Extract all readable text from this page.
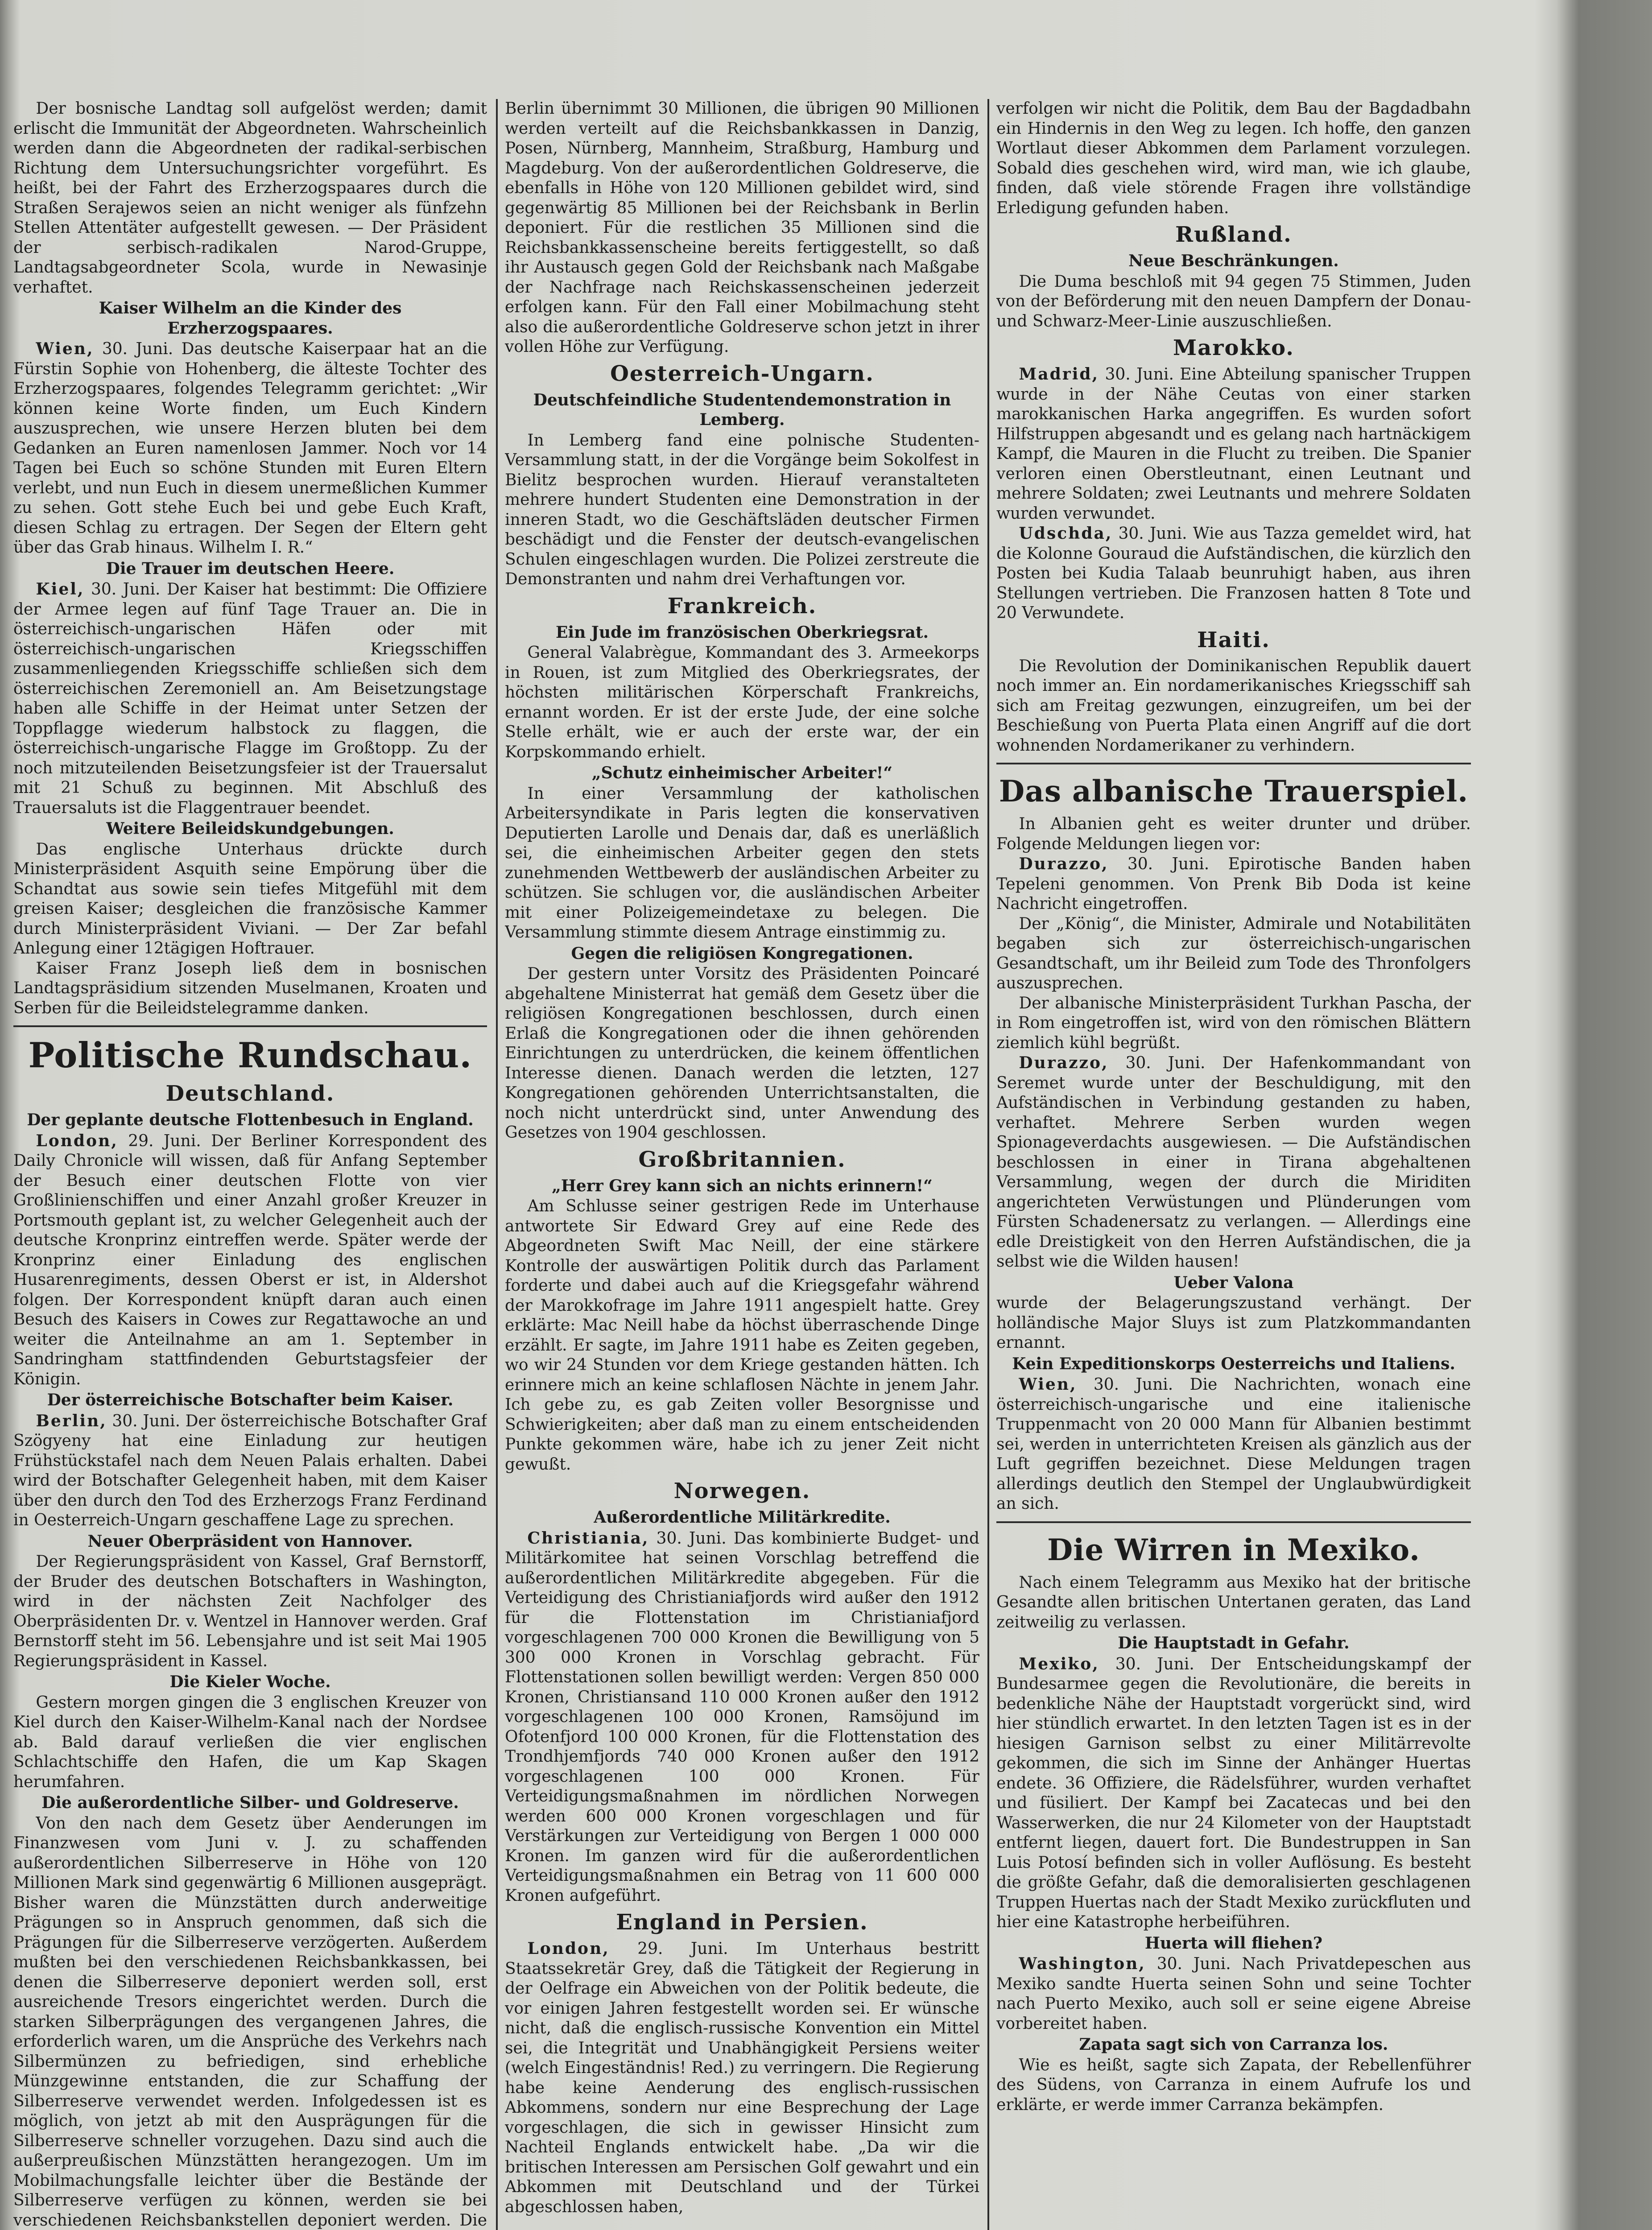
Der bosnische Landtag soll aufgelöst werden; damit erlischt die Immunität der Abgeordneten. Wahrscheinlich werden dann die Abgeordneten der radikal-serbischen Richtung dem Untersuchungsrichter vorgeführt. Es heißt, bei der Fahrt des Erzherzogspaares durch die Straßen Serajewos seien an nicht weniger als fünfzehn Stellen Attentäter aufgestellt gewesen. — Der Präsident der serbisch-radikalen Narod-Gruppe, Landtagsabgeordneter Scola, wurde in Newasinje verhaftet.

Kaiser Wilhelm an die Kinder des Erzherzogspaares.

Wien, 30. Juni. Das deutsche Kaiserpaar hat an die Fürstin Sophie von Hohenberg, die älteste Tochter des Erzherzogspaares, folgendes Telegramm gerichtet: „Wir können keine Worte finden, um Euch Kindern auszusprechen, wie unsere Herzen bluten bei dem Gedanken an Euren namenlosen Jammer. Noch vor 14 Tagen bei Euch so schöne Stunden mit Euren Eltern verlebt, und nun Euch in diesem unermeßlichen Kummer zu sehen. Gott stehe Euch bei und gebe Euch Kraft, diesen Schlag zu ertragen. Der Segen der Eltern geht über das Grab hinaus. Wilhelm I. R.“

Die Trauer im deutschen Heere.

Kiel, 30. Juni. Der Kaiser hat bestimmt: Die Offiziere der Armee legen auf fünf Tage Trauer an. Die in österreichisch-ungarischen Häfen oder mit österreichisch-ungarischen Kriegsschiffen zusammenliegenden Kriegsschiffe schließen sich dem österreichischen Zeremoniell an. Am Beisetzungstage haben alle Schiffe in der Heimat unter Setzen der Toppflagge wiederum halbstock zu flaggen, die österreichisch-ungarische Flagge im Großtopp. Zu der noch mitzuteilenden Beisetzungsfeier ist der Trauersalut mit 21 Schuß zu beginnen. Mit Abschluß des Trauersaluts ist die Flaggentrauer beendet.

Weitere Beileidskundgebungen.

Das englische Unterhaus drückte durch Ministerpräsident Asquith seine Empörung über die Schandtat aus sowie sein tiefes Mitgefühl mit dem greisen Kaiser; desgleichen die französische Kammer durch Ministerpräsident Viviani. — Der Zar befahl Anlegung einer 12tägigen Hoftrauer.

Kaiser Franz Joseph ließ dem in bosnischen Landtagspräsidium sitzenden Muselmanen, Kroaten und Serben für die Beileidstelegramme danken.

Politische Rundschau.
Deutschland.
Der geplante deutsche Flottenbesuch in England.

London, 29. Juni. Der Berliner Korrespondent des Daily Chronicle will wissen, daß für Anfang September der Besuch einer deutschen Flotte von vier Großlinienschiffen und einer Anzahl großer Kreuzer in Portsmouth geplant ist, zu welcher Gelegenheit auch der deutsche Kronprinz eintreffen werde. Später werde der Kronprinz einer Einladung des englischen Husarenregiments, dessen Oberst er ist, in Aldershot folgen. Der Korrespondent knüpft daran auch einen Besuch des Kaisers in Cowes zur Regattawoche an und weiter die Anteilnahme an am 1. September in Sandringham stattfindenden Geburtstagsfeier der Königin.

Der österreichische Botschafter beim Kaiser.

Berlin, 30. Juni. Der österreichische Botschafter Graf Szögyeny hat eine Einladung zur heutigen Frühstückstafel nach dem Neuen Palais erhalten. Dabei wird der Botschafter Gelegenheit haben, mit dem Kaiser über den durch den Tod des Erzherzogs Franz Ferdinand in Oesterreich-Ungarn geschaffene Lage zu sprechen.

Neuer Oberpräsident von Hannover.

Der Regierungspräsident von Kassel, Graf Bernstorff, der Bruder des deutschen Botschafters in Washington, wird in der nächsten Zeit Nachfolger des Oberpräsidenten Dr. v. Wentzel in Hannover werden. Graf Bernstorff steht im 56. Lebensjahre und ist seit Mai 1905 Regierungspräsident in Kassel.

Die Kieler Woche.

Gestern morgen gingen die 3 englischen Kreuzer von Kiel durch den Kaiser-Wilhelm-Kanal nach der Nordsee ab. Bald darauf verließen die vier englischen Schlachtschiffe den Hafen, die um Kap Skagen herumfahren.

Die außerordentliche Silber- und Goldreserve.

Von den nach dem Gesetz über Aenderungen im Finanzwesen vom Juni v. J. zu schaffenden außerordentlichen Silberreserve in Höhe von 120 Millionen Mark sind gegenwärtig 6 Millionen ausgeprägt. Bisher waren die Münzstätten durch anderweitige Prägungen so in Anspruch genommen, daß sich die Prägungen für die Silberreserve verzögerten. Außerdem mußten bei den verschiedenen Reichsbankkassen, bei denen die Silberreserve deponiert werden soll, erst ausreichende Tresors eingerichtet werden. Durch die starken Silberprägungen des vergangenen Jahres, die erforderlich waren, um die Ansprüche des Verkehrs nach Silbermünzen zu befriedigen, sind erhebliche Münzgewinne entstanden, die zur Schaffung der Silberreserve verwendet werden. Infolgedessen ist es möglich, von jetzt ab mit den Ausprägungen für die Silberreserve schneller vorzugehen. Dazu sind auch die außerpreußischen Münzstätten herangezogen. Um im Mobilmachungsfalle leichter über die Bestände der Silberreserve verfügen zu können, werden sie bei verschiedenen Reichsbankstellen deponiert werden. Die

Berlin übernimmt 30 Millionen, die übrigen 90 Millionen werden verteilt auf die Reichsbankkassen in Danzig, Posen, Nürnberg, Mannheim, Straßburg, Hamburg und Magdeburg. Von der außerordentlichen Goldreserve, die ebenfalls in Höhe von 120 Millionen gebildet wird, sind gegenwärtig 85 Millionen bei der Reichsbank in Berlin deponiert. Für die restlichen 35 Millionen sind die Reichsbankkassenscheine bereits fertiggestellt, so daß ihr Austausch gegen Gold der Reichsbank nach Maßgabe der Nachfrage nach Reichskassenscheinen jederzeit erfolgen kann. Für den Fall einer Mobilmachung steht also die außerordentliche Goldreserve schon jetzt in ihrer vollen Höhe zur Verfügung.

Oesterreich-Ungarn.
Deutschfeindliche Studentendemonstration in Lemberg.

In Lemberg fand eine polnische Studenten-Versammlung statt, in der die Vorgänge beim Sokolfest in Bielitz besprochen wurden. Hierauf veranstalteten mehrere hundert Studenten eine Demonstration in der inneren Stadt, wo die Geschäftsläden deutscher Firmen beschädigt und die Fenster der deutsch-evangelischen Schulen eingeschlagen wurden. Die Polizei zerstreute die Demonstranten und nahm drei Verhaftungen vor.

Frankreich.
Ein Jude im französischen Oberkriegsrat.

General Valabrègue, Kommandant des 3. Armeekorps in Rouen, ist zum Mitglied des Oberkriegsrates, der höchsten militärischen Körperschaft Frankreichs, ernannt worden. Er ist der erste Jude, der eine solche Stelle erhält, wie er auch der erste war, der ein Korpskommando erhielt.

„Schutz einheimischer Arbeiter!“

In einer Versammlung der katholischen Arbeitersyndikate in Paris legten die konservativen Deputierten Larolle und Denais dar, daß es unerläßlich sei, die einheimischen Arbeiter gegen den stets zunehmenden Wettbewerb der ausländischen Arbeiter zu schützen. Sie schlugen vor, die ausländischen Arbeiter mit einer Polizeigemeindetaxe zu belegen. Die Versammlung stimmte diesem Antrage einstimmig zu.

Gegen die religiösen Kongregationen.

Der gestern unter Vorsitz des Präsidenten Poincaré abgehaltene Ministerrat hat gemäß dem Gesetz über die religiösen Kongregationen beschlossen, durch einen Erlaß die Kongregationen oder die ihnen gehörenden Einrichtungen zu unterdrücken, die keinem öffentlichen Interesse dienen. Danach werden die letzten, 127 Kongregationen gehörenden Unterrichtsanstalten, die noch nicht unterdrückt sind, unter Anwendung des Gesetzes von 1904 geschlossen.

Großbritannien.
„Herr Grey kann sich an nichts erinnern!“

Am Schlusse seiner gestrigen Rede im Unterhause antwortete Sir Edward Grey auf eine Rede des Abgeordneten Swift Mac Neill, der eine stärkere Kontrolle der auswärtigen Politik durch das Parlament forderte und dabei auch auf die Kriegsgefahr während der Marokkofrage im Jahre 1911 angespielt hatte. Grey erklärte: Mac Neill habe da höchst überraschende Dinge erzählt. Er sagte, im Jahre 1911 habe es Zeiten gegeben, wo wir 24 Stunden vor dem Kriege gestanden hätten. Ich erinnere mich an keine schlaflosen Nächte in jenem Jahr. Ich gebe zu, es gab Zeiten voller Besorgnisse und Schwierigkeiten; aber daß man zu einem entscheidenden Punkte gekommen wäre, habe ich zu jener Zeit nicht gewußt.

Norwegen.
Außerordentliche Militärkredite.

Christiania, 30. Juni. Das kombinierte Budget- und Militärkomitee hat seinen Vorschlag betreffend die außerordentlichen Militärkredite abgegeben. Für die Verteidigung des Christianiafjords wird außer den 1912 für die Flottenstation im Christianiafjord vorgeschlagenen 700 000 Kronen die Bewilligung von 5 300 000 Kronen in Vorschlag gebracht. Für Flottenstationen sollen bewilligt werden: Vergen 850 000 Kronen, Christiansand 110 000 Kronen außer den 1912 vorgeschlagenen 100 000 Kronen, Ramsöjund im Ofotenfjord 100 000 Kronen, für die Flottenstation des Trondhjemfjords 740 000 Kronen außer den 1912 vorgeschlagenen 100 000 Kronen. Für Verteidigungsmaßnahmen im nördlichen Norwegen werden 600 000 Kronen vorgeschlagen und für Verstärkungen zur Verteidigung von Bergen 1 000 000 Kronen. Im ganzen wird für die außerordentlichen Verteidigungsmaßnahmen ein Betrag von 11 600 000 Kronen aufgeführt.

England in Persien.

London, 29. Juni. Im Unterhaus bestritt Staatssekretär Grey, daß die Tätigkeit der Regierung in der Oelfrage ein Abweichen von der Politik bedeute, die vor einigen Jahren festgestellt worden sei. Er wünsche nicht, daß die englisch-russische Konvention ein Mittel sei, die Integrität und Unabhängigkeit Persiens weiter (welch Eingeständnis! Red.) zu verringern. Die Regierung habe keine Aenderung des englisch-russischen Abkommens, sondern nur eine Besprechung der Lage vorgeschlagen, die sich in gewisser Hinsicht zum Nachteil Englands entwickelt habe. „Da wir die britischen Interessen am Persischen Golf gewahrt und ein Abkommen mit Deutschland und der Türkei abgeschlossen haben,

verfolgen wir nicht die Politik, dem Bau der Bagdadbahn ein Hindernis in den Weg zu legen. Ich hoffe, den ganzen Wortlaut dieser Abkommen dem Parlament vorzulegen. Sobald dies geschehen wird, wird man, wie ich glaube, finden, daß viele störende Fragen ihre vollständige Erledigung gefunden haben.

Rußland.
Neue Beschränkungen.

Die Duma beschloß mit 94 gegen 75 Stimmen, Juden von der Beförderung mit den neuen Dampfern der Donau- und Schwarz-Meer-Linie auszuschließen.

Marokko.

Madrid, 30. Juni. Eine Abteilung spanischer Truppen wurde in der Nähe Ceutas von einer starken marokkanischen Harka angegriffen. Es wurden sofort Hilfstruppen abgesandt und es gelang nach hartnäckigem Kampf, die Mauren in die Flucht zu treiben. Die Spanier verloren einen Oberstleutnant, einen Leutnant und mehrere Soldaten; zwei Leutnants und mehrere Soldaten wurden verwundet.

Udschda, 30. Juni. Wie aus Tazza gemeldet wird, hat die Kolonne Gouraud die Aufständischen, die kürzlich den Posten bei Kudia Talaab beunruhigt haben, aus ihren Stellungen vertrieben. Die Franzosen hatten 8 Tote und 20 Verwundete.

Haiti.

Die Revolution der Dominikanischen Republik dauert noch immer an. Ein nordamerikanisches Kriegsschiff sah sich am Freitag gezwungen, einzugreifen, um bei der Beschießung von Puerta Plata einen Angriff auf die dort wohnenden Nordamerikaner zu verhindern.

Das albanische Trauerspiel.

In Albanien geht es weiter drunter und drüber. Folgende Meldungen liegen vor:

Durazzo, 30. Juni. Epirotische Banden haben Tepeleni genommen. Von Prenk Bib Doda ist keine Nachricht eingetroffen.

Der „König“, die Minister, Admirale und Notabilitäten begaben sich zur österreichisch-ungarischen Gesandtschaft, um ihr Beileid zum Tode des Thronfolgers auszusprechen.

Der albanische Ministerpräsident Turkhan Pascha, der in Rom eingetroffen ist, wird von den römischen Blättern ziemlich kühl begrüßt.

Durazzo, 30. Juni. Der Hafenkommandant von Seremet wurde unter der Beschuldigung, mit den Aufständischen in Verbindung gestanden zu haben, verhaftet. Mehrere Serben wurden wegen Spionageverdachts ausgewiesen. — Die Aufständischen beschlossen in einer in Tirana abgehaltenen Versammlung, wegen der durch die Miriditen angerichteten Verwüstungen und Plünderungen vom Fürsten Schadenersatz zu verlangen. — Allerdings eine edle Dreistigkeit von den Herren Aufständischen, die ja selbst wie die Wilden hausen!

Ueber Valona

wurde der Belagerungszustand verhängt. Der holländische Major Sluys ist zum Platzkommandanten ernannt.

Kein Expeditionskorps Oesterreichs und Italiens.

Wien, 30. Juni. Die Nachrichten, wonach eine österreichisch-ungarische und eine italienische Truppenmacht von 20 000 Mann für Albanien bestimmt sei, werden in unterrichteten Kreisen als gänzlich aus der Luft gegriffen bezeichnet. Diese Meldungen tragen allerdings deutlich den Stempel der Unglaubwürdigkeit an sich.

Die Wirren in Mexiko.

Nach einem Telegramm aus Mexiko hat der britische Gesandte allen britischen Untertanen geraten, das Land zeitweilig zu verlassen.

Die Hauptstadt in Gefahr.

Mexiko, 30. Juni. Der Entscheidungskampf der Bundesarmee gegen die Revolutionäre, die bereits in bedenkliche Nähe der Hauptstadt vorgerückt sind, wird hier stündlich erwartet. In den letzten Tagen ist es in der hiesigen Garnison selbst zu einer Militärrevolte gekommen, die sich im Sinne der Anhänger Huertas endete. 36 Offiziere, die Rädelsführer, wurden verhaftet und füsiliert. Der Kampf bei Zacatecas und bei den Wasserwerken, die nur 24 Kilometer von der Hauptstadt entfernt liegen, dauert fort. Die Bundestruppen in San Luis Potosí befinden sich in voller Auflösung. Es besteht die größte Gefahr, daß die demoralisierten geschlagenen Truppen Huertas nach der Stadt Mexiko zurückfluten und hier eine Katastrophe herbeiführen.

Huerta will fliehen?

Washington, 30. Juni. Nach Privatdepeschen aus Mexiko sandte Huerta seinen Sohn und seine Tochter nach Puerto Mexiko, auch soll er seine eigene Abreise vorbereitet haben.

Zapata sagt sich von Carranza los.

Wie es heißt, sagte sich Zapata, der Rebellenführer des Südens, von Carranza in einem Aufrufe los und erklärte, er werde immer Carranza bekämpfen.
